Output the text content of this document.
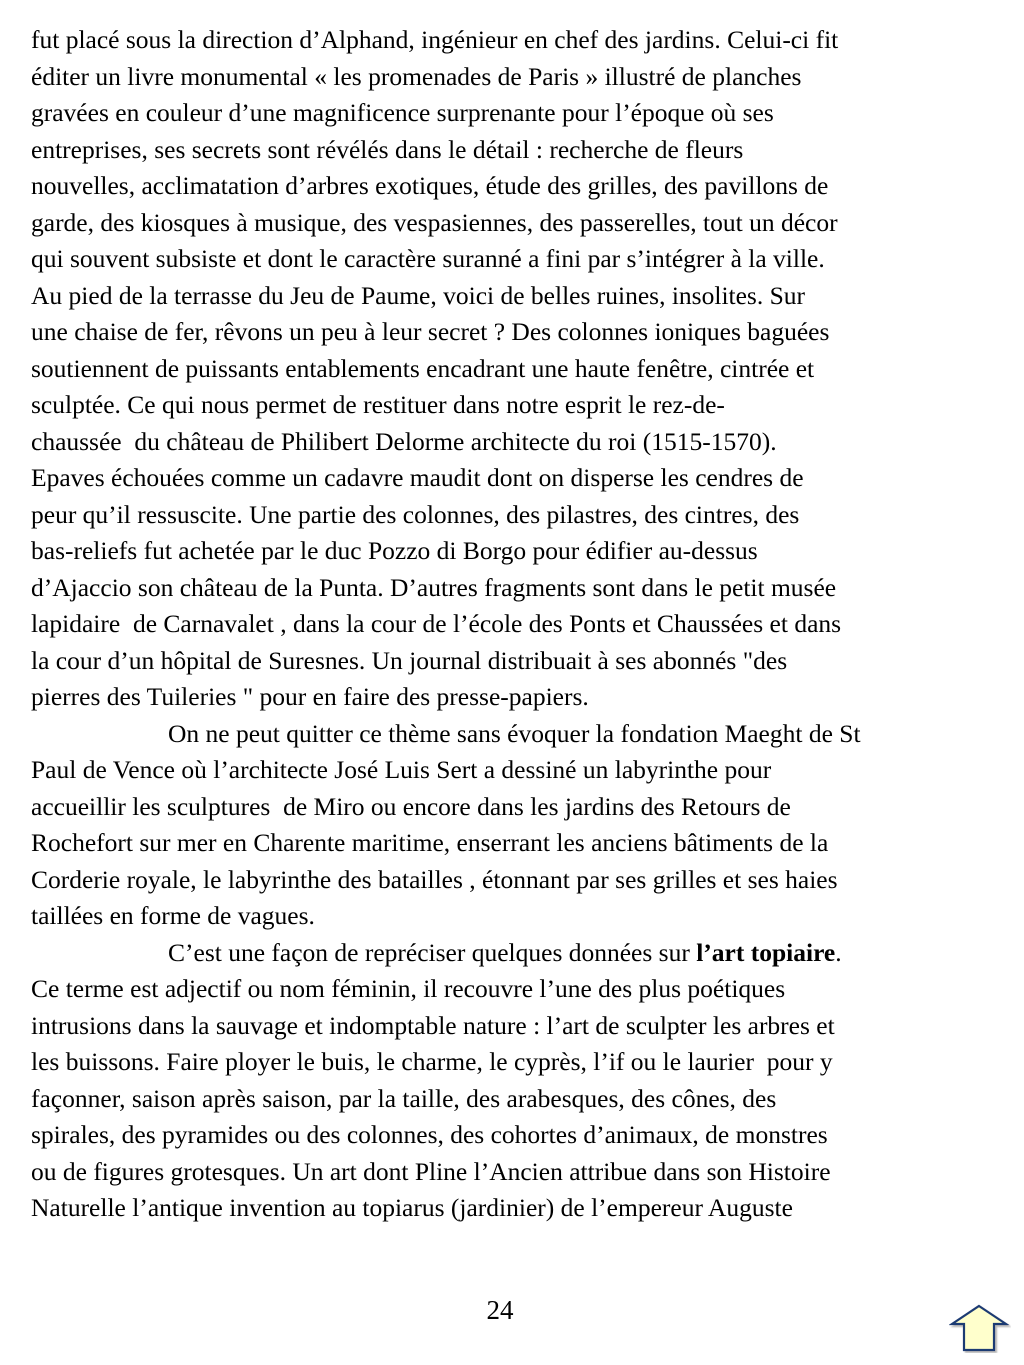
fut placé sous la direction d’Alphand, ingénieur en chef des jardins. Celui-ci fit
éditer un livre monumental « les promenades de Paris » illustré de planches
gravées en couleur d’une magnificence surprenante pour l’époque où ses
entreprises, ses secrets sont révélés dans le détail : recherche de fleurs
nouvelles, acclimatation d’arbres exotiques, étude des grilles, des pavillons de
garde, des kiosques à musique, des vespasiennes, des passerelles, tout un décor
qui souvent subsiste et dont le caractère suranné a fini par s’intégrer à la ville.
Au pied de la terrasse du Jeu de Paume, voici de belles ruines, insolites. Sur
une chaise de fer, rêvons un peu à leur secret ? Des colonnes ioniques baguées
soutiennent de puissants entablements encadrant une haute fenêtre, cintrée et
sculptée. Ce qui nous permet de restituer dans notre esprit le rez-de-
chaussée  du château de Philibert Delorme architecte du roi (1515-1570).
Epaves échouées comme un cadavre maudit dont on disperse les cendres de
peur qu’il ressuscite. Une partie des colonnes, des pilastres, des cintres, des
bas-reliefs fut achetée par le duc Pozzo di Borgo pour édifier au-dessus
d’Ajaccio son château de la Punta. D’autres fragments sont dans le petit musée
lapidaire  de Carnavalet , dans la cour de l’école des Ponts et Chaussées et dans
la cour d’un hôpital de Suresnes. Un journal distribuait à ses abonnés "des
pierres des Tuileries " pour en faire des presse-papiers.
On ne peut quitter ce thème sans évoquer la fondation Maeght de St
Paul de Vence où l’architecte José Luis Sert a dessiné un labyrinthe pour
accueillir les sculptures  de Miro ou encore dans les jardins des Retours de
Rochefort sur mer en Charente maritime, enserrant les anciens bâtiments de la
Corderie royale, le labyrinthe des batailles , étonnant par ses grilles et ses haies
taillées en forme de vagues.
C’est une façon de repréciser quelques données sur l’art topiaire.
Ce terme est adjectif ou nom féminin, il recouvre l’une des plus poétiques
intrusions dans la sauvage et indomptable nature : l’art de sculpter les arbres et
les buissons. Faire ployer le buis, le charme, le cyprès, l’if ou le laurier  pour y
façonner, saison après saison, par la taille, des arabesques, des cônes, des
spirales, des pyramides ou des colonnes, des cohortes d’animaux, de monstres
ou de figures grotesques. Un art dont Pline l’Ancien attribue dans son Histoire
Naturelle l’antique invention au topiarus (jardinier) de l’empereur Auguste
24
